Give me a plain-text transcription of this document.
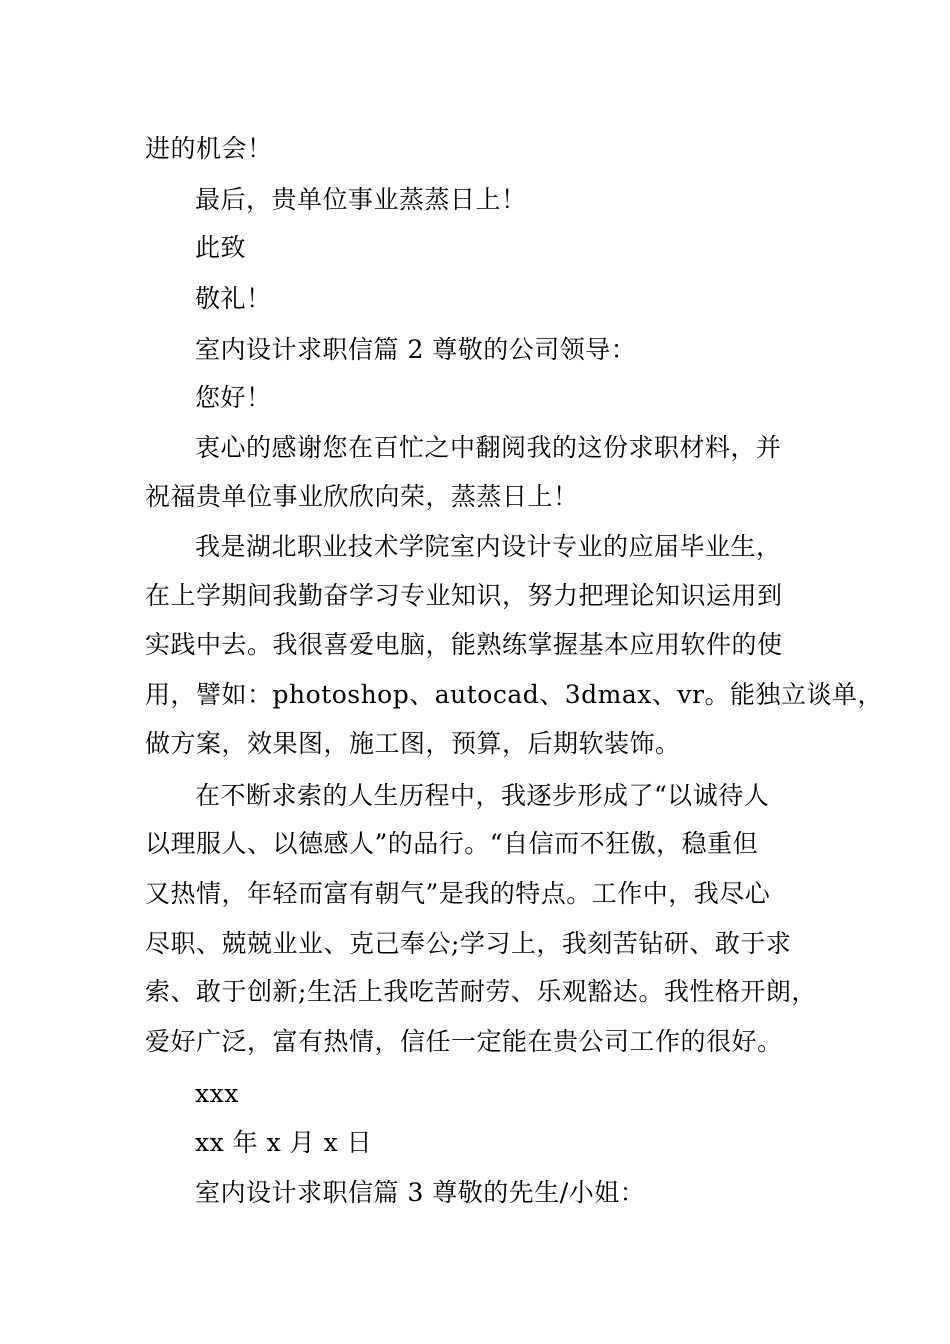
进的机会！
最后，贵单位事业蒸蒸日上！
此致
敬礼！
室内设计求职信篇 2 尊敬的公司领导：
您好！
衷心的感谢您在百忙之中翻阅我的这份求职材料，并
祝福贵单位事业欣欣向荣，蒸蒸日上！
我是湖北职业技术学院室内设计专业的应届毕业生，
在上学期间我勤奋学习专业知识，努力把理论知识运用到
实践中去。我很喜爱电脑，能熟练掌握基本应用软件的使
用，譬如：photoshop、autocad、3dmax、vr。能独立谈单，
做方案，效果图，施工图，预算，后期软装饰。
在不断求索的人生历程中，我逐步形成了“以诚待人
以理服人、以德感人”的品行。“自信而不狂傲，稳重但
又热情，年轻而富有朝气”是我的特点。工作中，我尽心
尽职、兢兢业业、克己奉公;学习上，我刻苦钻研、敢于求
索、敢于创新;生活上我吃苦耐劳、乐观豁达。我性格开朗，
爱好广泛，富有热情，信任一定能在贵公司工作的很好。
xxx
xx 年 x 月 x 日
室内设计求职信篇 3 尊敬的先生/小姐：
